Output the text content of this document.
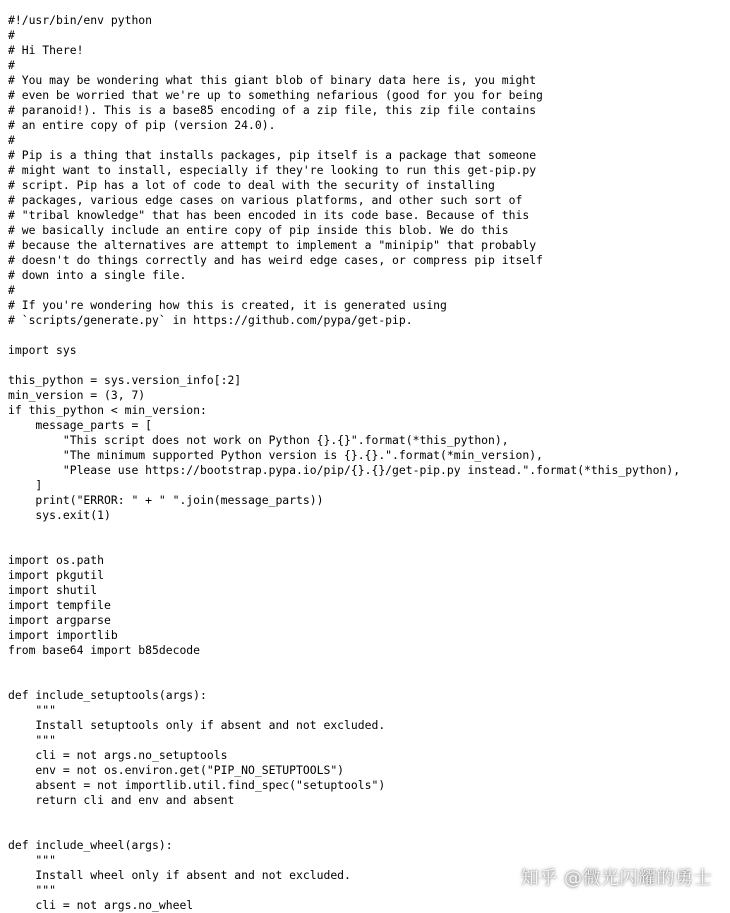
#!/usr/bin/env python
#
# Hi There!
#
# You may be wondering what this giant blob of binary data here is, you might
# even be worried that we're up to something nefarious (good for you for being
# paranoid!). This is a base85 encoding of a zip file, this zip file contains
# an entire copy of pip (version 24.0).
#
# Pip is a thing that installs packages, pip itself is a package that someone
# might want to install, especially if they're looking to run this get-pip.py
# script. Pip has a lot of code to deal with the security of installing
# packages, various edge cases on various platforms, and other such sort of
# "tribal knowledge" that has been encoded in its code base. Because of this
# we basically include an entire copy of pip inside this blob. We do this
# because the alternatives are attempt to implement a "minipip" that probably
# doesn't do things correctly and has weird edge cases, or compress pip itself
# down into a single file.
#
# If you're wondering how this is created, it is generated using
# `scripts/generate.py` in https://github.com/pypa/get-pip.
import sys
this_python = sys.version_info[:2]
min_version = (3, 7)
if this_python < min_version:
message_parts = [
"This script does not work on Python {}.{}".format(*this_python),
"The minimum supported Python version is {}.{}.".format(*min_version),
"Please use https://bootstrap.pypa.io/pip/{}.{}/get-pip.py instead.".format(*this_python),
]
print("ERROR: " + " ".join(message_parts))
sys.exit(1)
import os.path
import pkgutil
import shutil
import tempfile
import argparse
import importlib
from base64 import b85decode
def include_setuptools(args):
"""
Install setuptools only if absent and not excluded.
"""
cli = not args.no_setuptools
env = not os.environ.get("PIP_NO_SETUPTOOLS")
absent = not importlib.util.find_spec("setuptools")
return cli and env and absent
def include_wheel(args):
"""
Install wheel only if absent and not excluded.
"""
cli = not args.no_wheel
知乎 @微光闪耀的勇士
